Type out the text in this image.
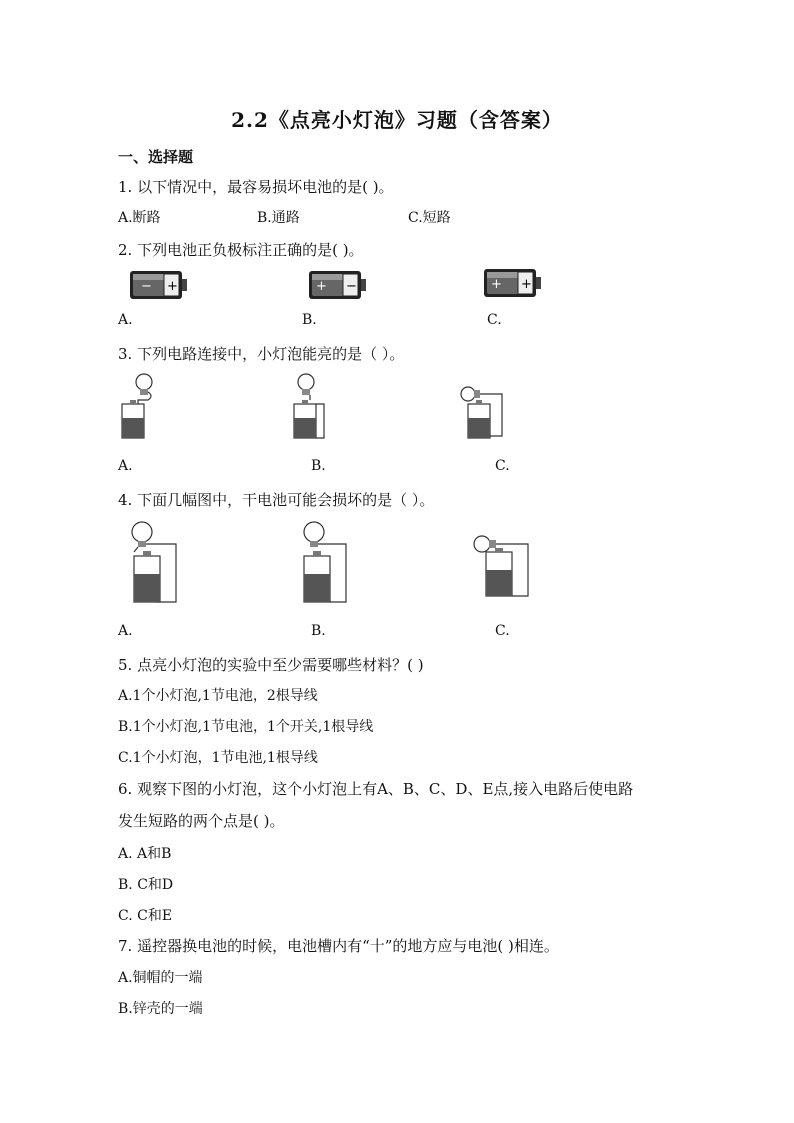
2.2《点亮小灯泡》习题（含答案）
一、选择题
1. 以下情况中，最容易损坏电池的是( )。
A.断路	B.通路	C.短路
2. 下列电池正负极标注正确的是( )。
− +	+ −	+ +
A.	B.	C.
3. 下列电路连接中，小灯泡能亮的是（ ）。
A.	B.	C.
4. 下面几幅图中，干电池可能会损坏的是（ ）。
A.	B.	C.
5. 点亮小灯泡的实验中至少需要哪些材料？( )
A.1个小灯泡,1节电池，2根导线
B.1个小灯泡,1节电池，1个开关,1根导线
C.1个小灯泡，1节电池,1根导线
6. 观察下图的小灯泡，这个小灯泡上有A、B、C、D、E点,接入电路后使电路
发生短路的两个点是( )。
A. A和B
B. C和D
C. C和E
7. 遥控器换电池的时候，电池槽内有“十”的地方应与电池( )相连。
A.铜帽的一端
B.锌壳的一端
